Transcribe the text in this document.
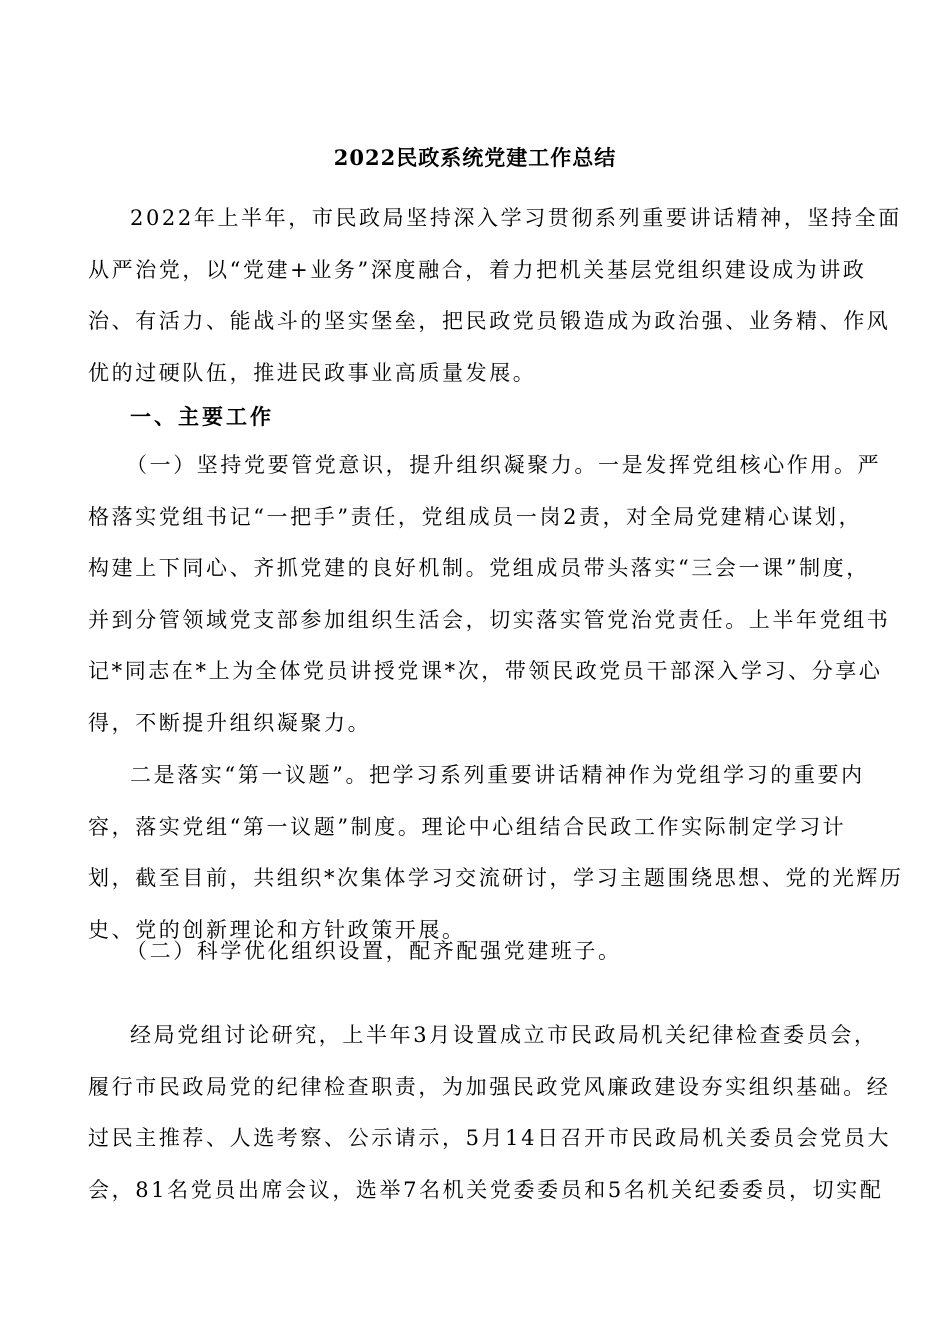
2022民政系统党建工作总结

2022年上半年，市民政局坚持深入学习贯彻系列重要讲话精神，坚持全面
从严治党，以“党建+业务”深度融合，着力把机关基层党组织建设成为讲政
治、有活力、能战斗的坚实堡垒，把民政党员锻造成为政治强、业务精、作风
优的过硬队伍，推进民政事业高质量发展。

一、主要工作

（一）坚持党要管党意识，提升组织凝聚力。一是发挥党组核心作用。严
格落实党组书记“一把手”责任，党组成员一岗2责，对全局党建精心谋划，
构建上下同心、齐抓党建的良好机制。党组成员带头落实“三会一课”制度，
并到分管领域党支部参加组织生活会，切实落实管党治党责任。上半年党组书
记*同志在*上为全体党员讲授党课*次，带领民政党员干部深入学习、分享心
得，不断提升组织凝聚力。

二是落实“第一议题”。把学习系列重要讲话精神作为党组学习的重要内
容，落实党组“第一议题”制度。理论中心组结合民政工作实际制定学习计
划，截至目前，共组织*次集体学习交流研讨，学习主题围绕思想、党的光辉历
史、党的创新理论和方针政策开展。

（二）科学优化组织设置，配齐配强党建班子。

经局党组讨论研究，上半年3月设置成立市民政局机关纪律检查委员会，
履行市民政局党的纪律检查职责，为加强民政党风廉政建设夯实组织基础。经
过民主推荐、人选考察、公示请示，5月14日召开市民政局机关委员会党员大
会，81名党员出席会议，选举7名机关党委委员和5名机关纪委委员，切实配
